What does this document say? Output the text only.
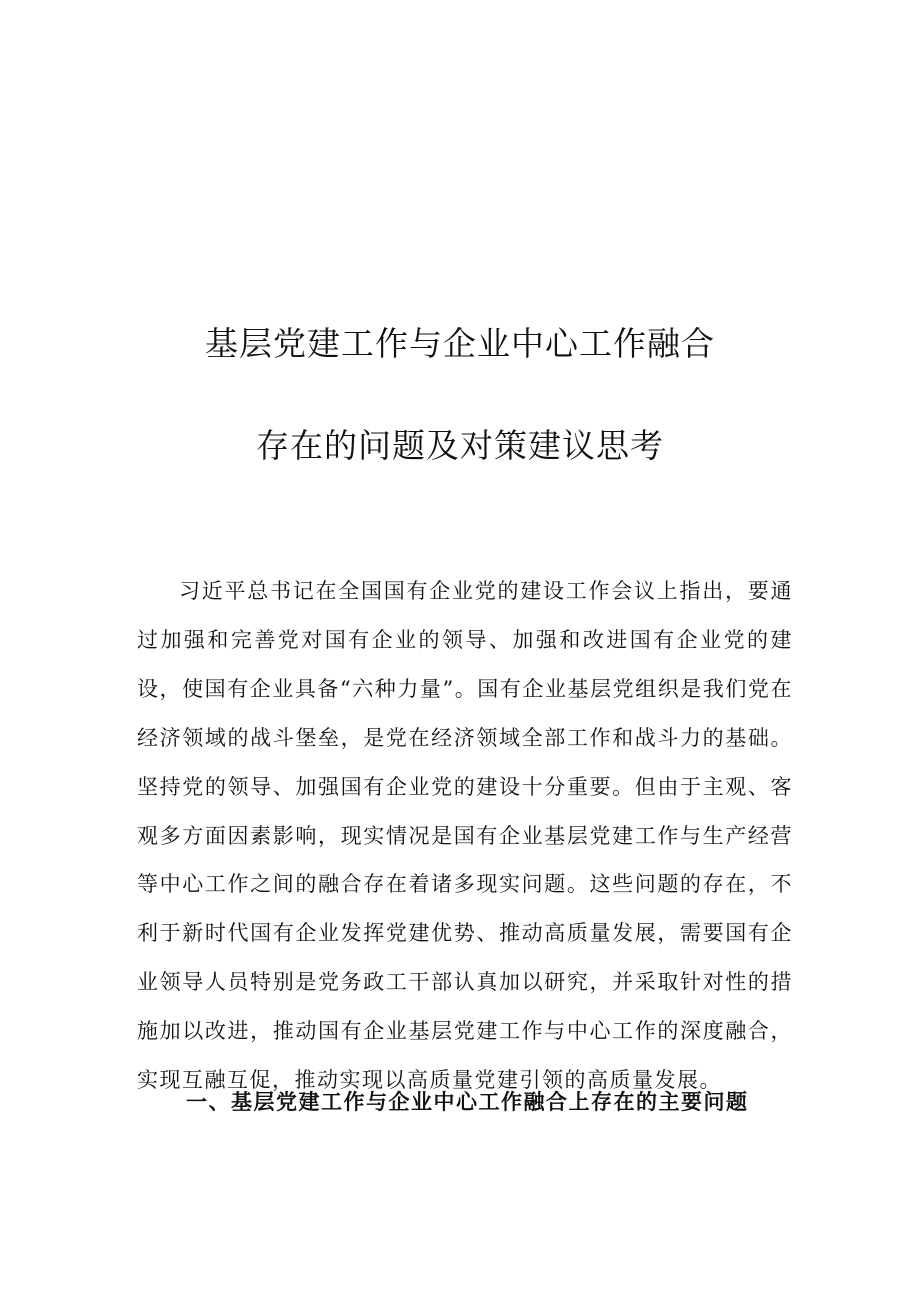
基层党建工作与企业中心工作融合
存在的问题及对策建议思考

习近平总书记在全国国有企业党的建设工作会议上指出，要通过加强和完善党对国有企业的领导、加强和改进国有企业党的建设，使国有企业具备“六种力量”。国有企业基层党组织是我们党在经济领域的战斗堡垒，是党在经济领域全部工作和战斗力的基础。坚持党的领导、加强国有企业党的建设十分重要。但由于主观、客观多方面因素影响，现实情况是国有企业基层党建工作与生产经营等中心工作之间的融合存在着诸多现实问题。这些问题的存在，不利于新时代国有企业发挥党建优势、推动高质量发展，需要国有企业领导人员特别是党务政工干部认真加以研究，并采取针对性的措施加以改进，推动国有企业基层党建工作与中心工作的深度融合，实现互融互促，推动实现以高质量党建引领的高质量发展。

一、基层党建工作与企业中心工作融合上存在的主要问题
